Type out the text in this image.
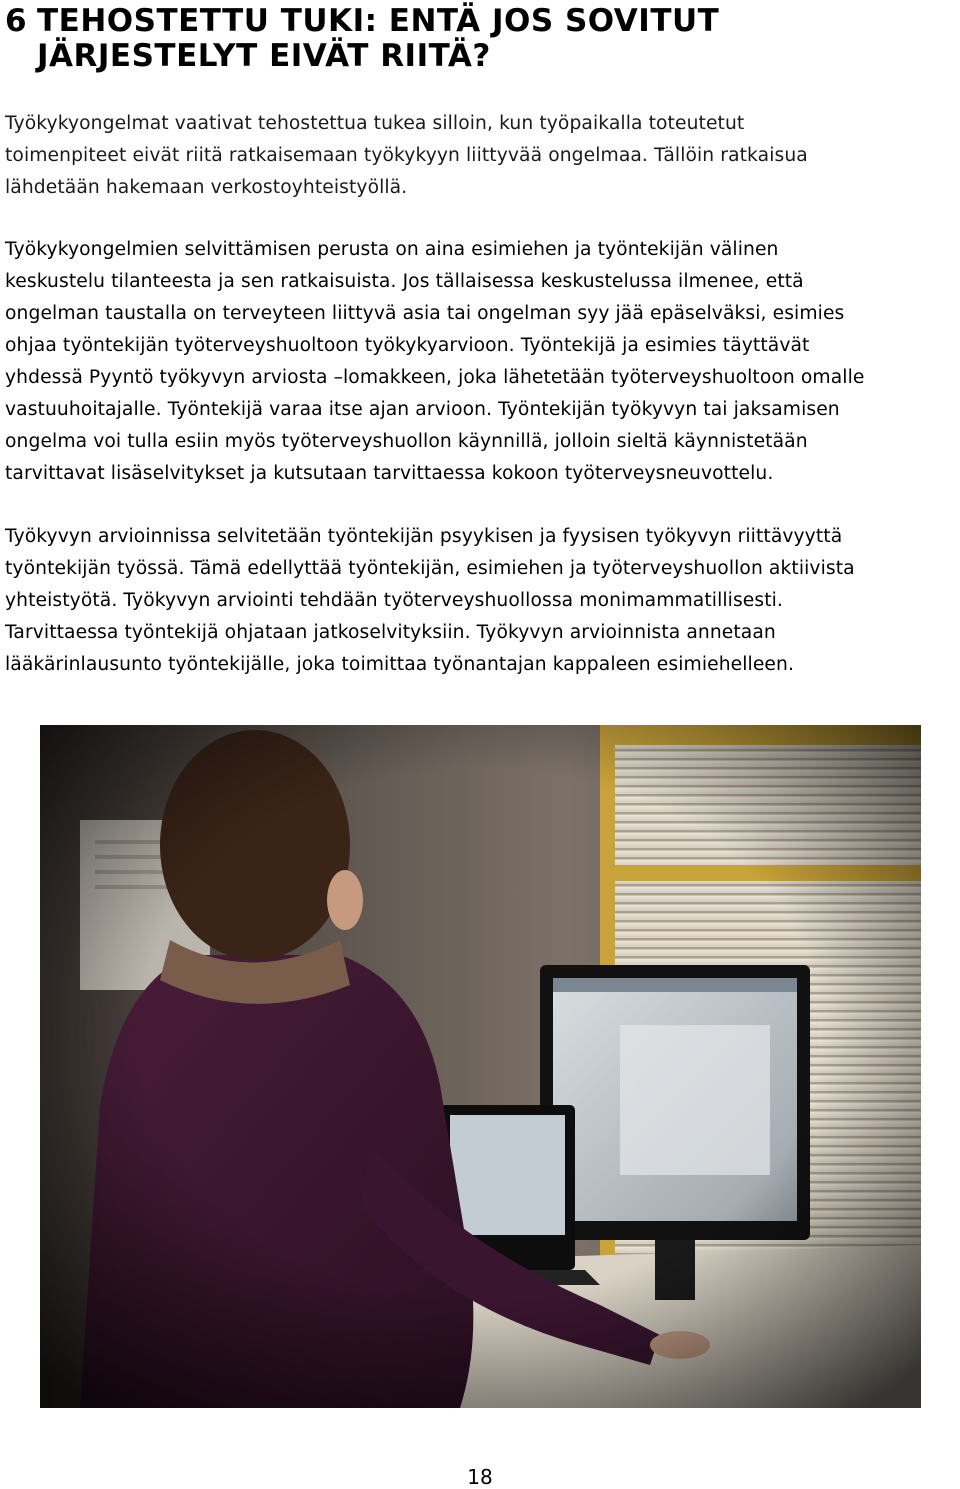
6 TEHOSTETTU TUKI: ENTÄ JOS SOVITUT
JÄRJESTELYT EIVÄT RIITÄ?

Työkykyongelmat vaativat tehostettua tukea silloin, kun työpaikalla toteutetut
toimenpiteet eivät riitä ratkaisemaan työkykyyn liittyvää ongelmaa. Tällöin ratkaisua
lähdetään hakemaan verkostoyhteistyöllä.

Työkykyongelmien selvittämisen perusta on aina esimiehen ja työntekijän välinen
keskustelu tilanteesta ja sen ratkaisuista. Jos tällaisessa keskustelussa ilmenee, että
ongelman taustalla on terveyteen liittyvä asia tai ongelman syy jää epäselväksi, esimies
ohjaa työntekijän työterveyshuoltoon työkykyarvioon. Työntekijä ja esimies täyttävät
yhdessä Pyyntö työkyvyn arviosta –lomakkeen, joka lähetetään työterveyshuoltoon omalle
vastuuhoitajalle. Työntekijä varaa itse ajan arvioon. Työntekijän työkyvyn tai jaksamisen
ongelma voi tulla esiin myös työterveyshuollon käynnillä, jolloin sieltä käynnistetään
tarvittavat lisäselvitykset ja kutsutaan tarvittaessa kokoon työterveysneuvottelu.

Työkyvyn arvioinnissa selvitetään työntekijän psyykisen ja fyysisen työkyvyn riittävyyttä
työntekijän työssä. Tämä edellyttää työntekijän, esimiehen ja työterveyshuollon aktiivista
yhteistyötä. Työkyvyn arviointi tehdään työterveyshuollossa monimammatillisesti.
Tarvittaessa työntekijä ohjataan jatkoselvityksiin. Työkyvyn arvioinnista annetaan
lääkärinlausunto työntekijälle, joka toimittaa työnantajan kappaleen esimiehelleen.

18
